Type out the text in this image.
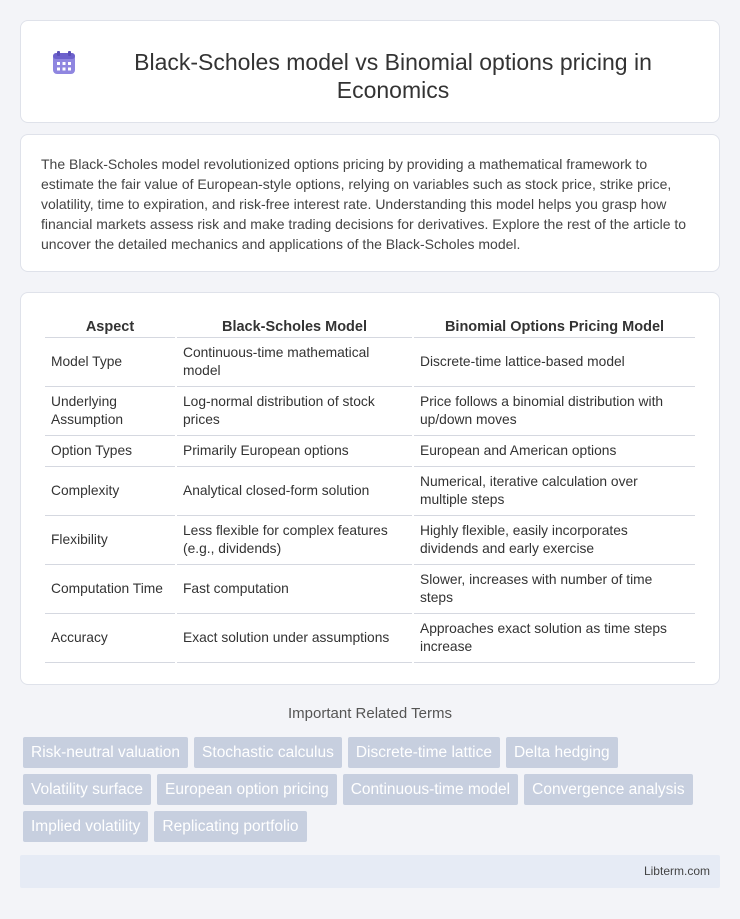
Black-Scholes model vs Binomial options pricing in Economics

The Black-Scholes model revolutionized options pricing by providing a mathematical framework to estimate the fair value of European-style options, relying on variables such as stock price, strike price, volatility, time to expiration, and risk-free interest rate. Understanding this model helps you grasp how financial markets assess risk and make trading decisions for derivatives. Explore the rest of the article to uncover the detailed mechanics and applications of the Black-Scholes model.

Aspect	Black-Scholes Model	Binomial Options Pricing Model
Model Type	Continuous-time mathematical model	Discrete-time lattice-based model
Underlying Assumption	Log-normal distribution of stock prices	Price follows a binomial distribution with up/down moves
Option Types	Primarily European options	European and American options
Complexity	Analytical closed-form solution	Numerical, iterative calculation over multiple steps
Flexibility	Less flexible for complex features (e.g., dividends)	Highly flexible, easily incorporates dividends and early exercise
Computation Time	Fast computation	Slower, increases with number of time steps
Accuracy	Exact solution under assumptions	Approaches exact solution as time steps increase
Important Related Terms
Risk-neutral valuation	Stochastic calculus	Discrete-time lattice	Delta hedging
Volatility surface	European option pricing	Continuous-time model	Convergence analysis
Implied volatility	Replicating portfolio
Libterm.com
